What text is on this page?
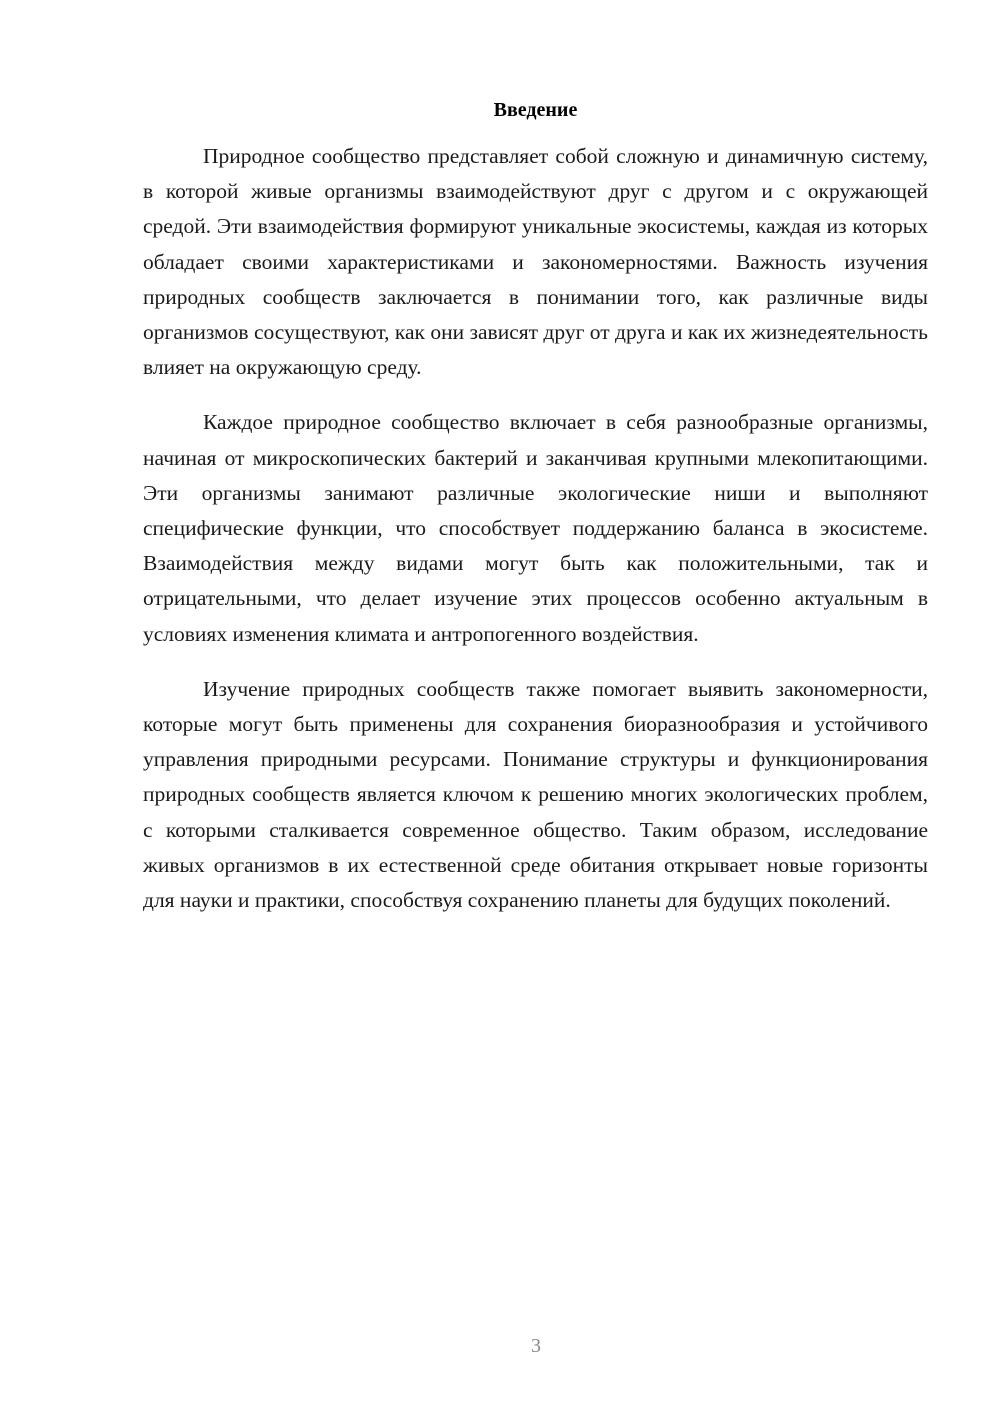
Введение

Природное сообщество представляет собой сложную и динамичную систему, в которой живые организмы взаимодействуют друг с другом и с окружающей средой. Эти взаимодействия формируют уникальные экосистемы, каждая из которых обладает своими характеристиками и закономерностями. Важность изучения природных сообществ заключается в понимании того, как различные виды организмов сосуществуют, как они зависят друг от друга и как их жизнедеятельность влияет на окружающую среду.

Каждое природное сообщество включает в себя разнообразные организмы, начиная от микроскопических бактерий и заканчивая крупными млекопитающими. Эти организмы занимают различные экологические ниши и выполняют специфические функции, что способствует поддержанию баланса в экосистеме. Взаимодействия между видами могут быть как положительными, так и отрицательными, что делает изучение этих процессов особенно актуальным в условиях изменения климата и антропогенного воздействия.

Изучение природных сообществ также помогает выявить закономерности, которые могут быть применены для сохранения биоразнообразия и устойчивого управления природными ресурсами. Понимание структуры и функционирования природных сообществ является ключом к решению многих экологических проблем, с которыми сталкивается современное общество. Таким образом, исследование живых организмов в их естественной среде обитания открывает новые горизонты для науки и практики, способствуя сохранению планеты для будущих поколений.

3
